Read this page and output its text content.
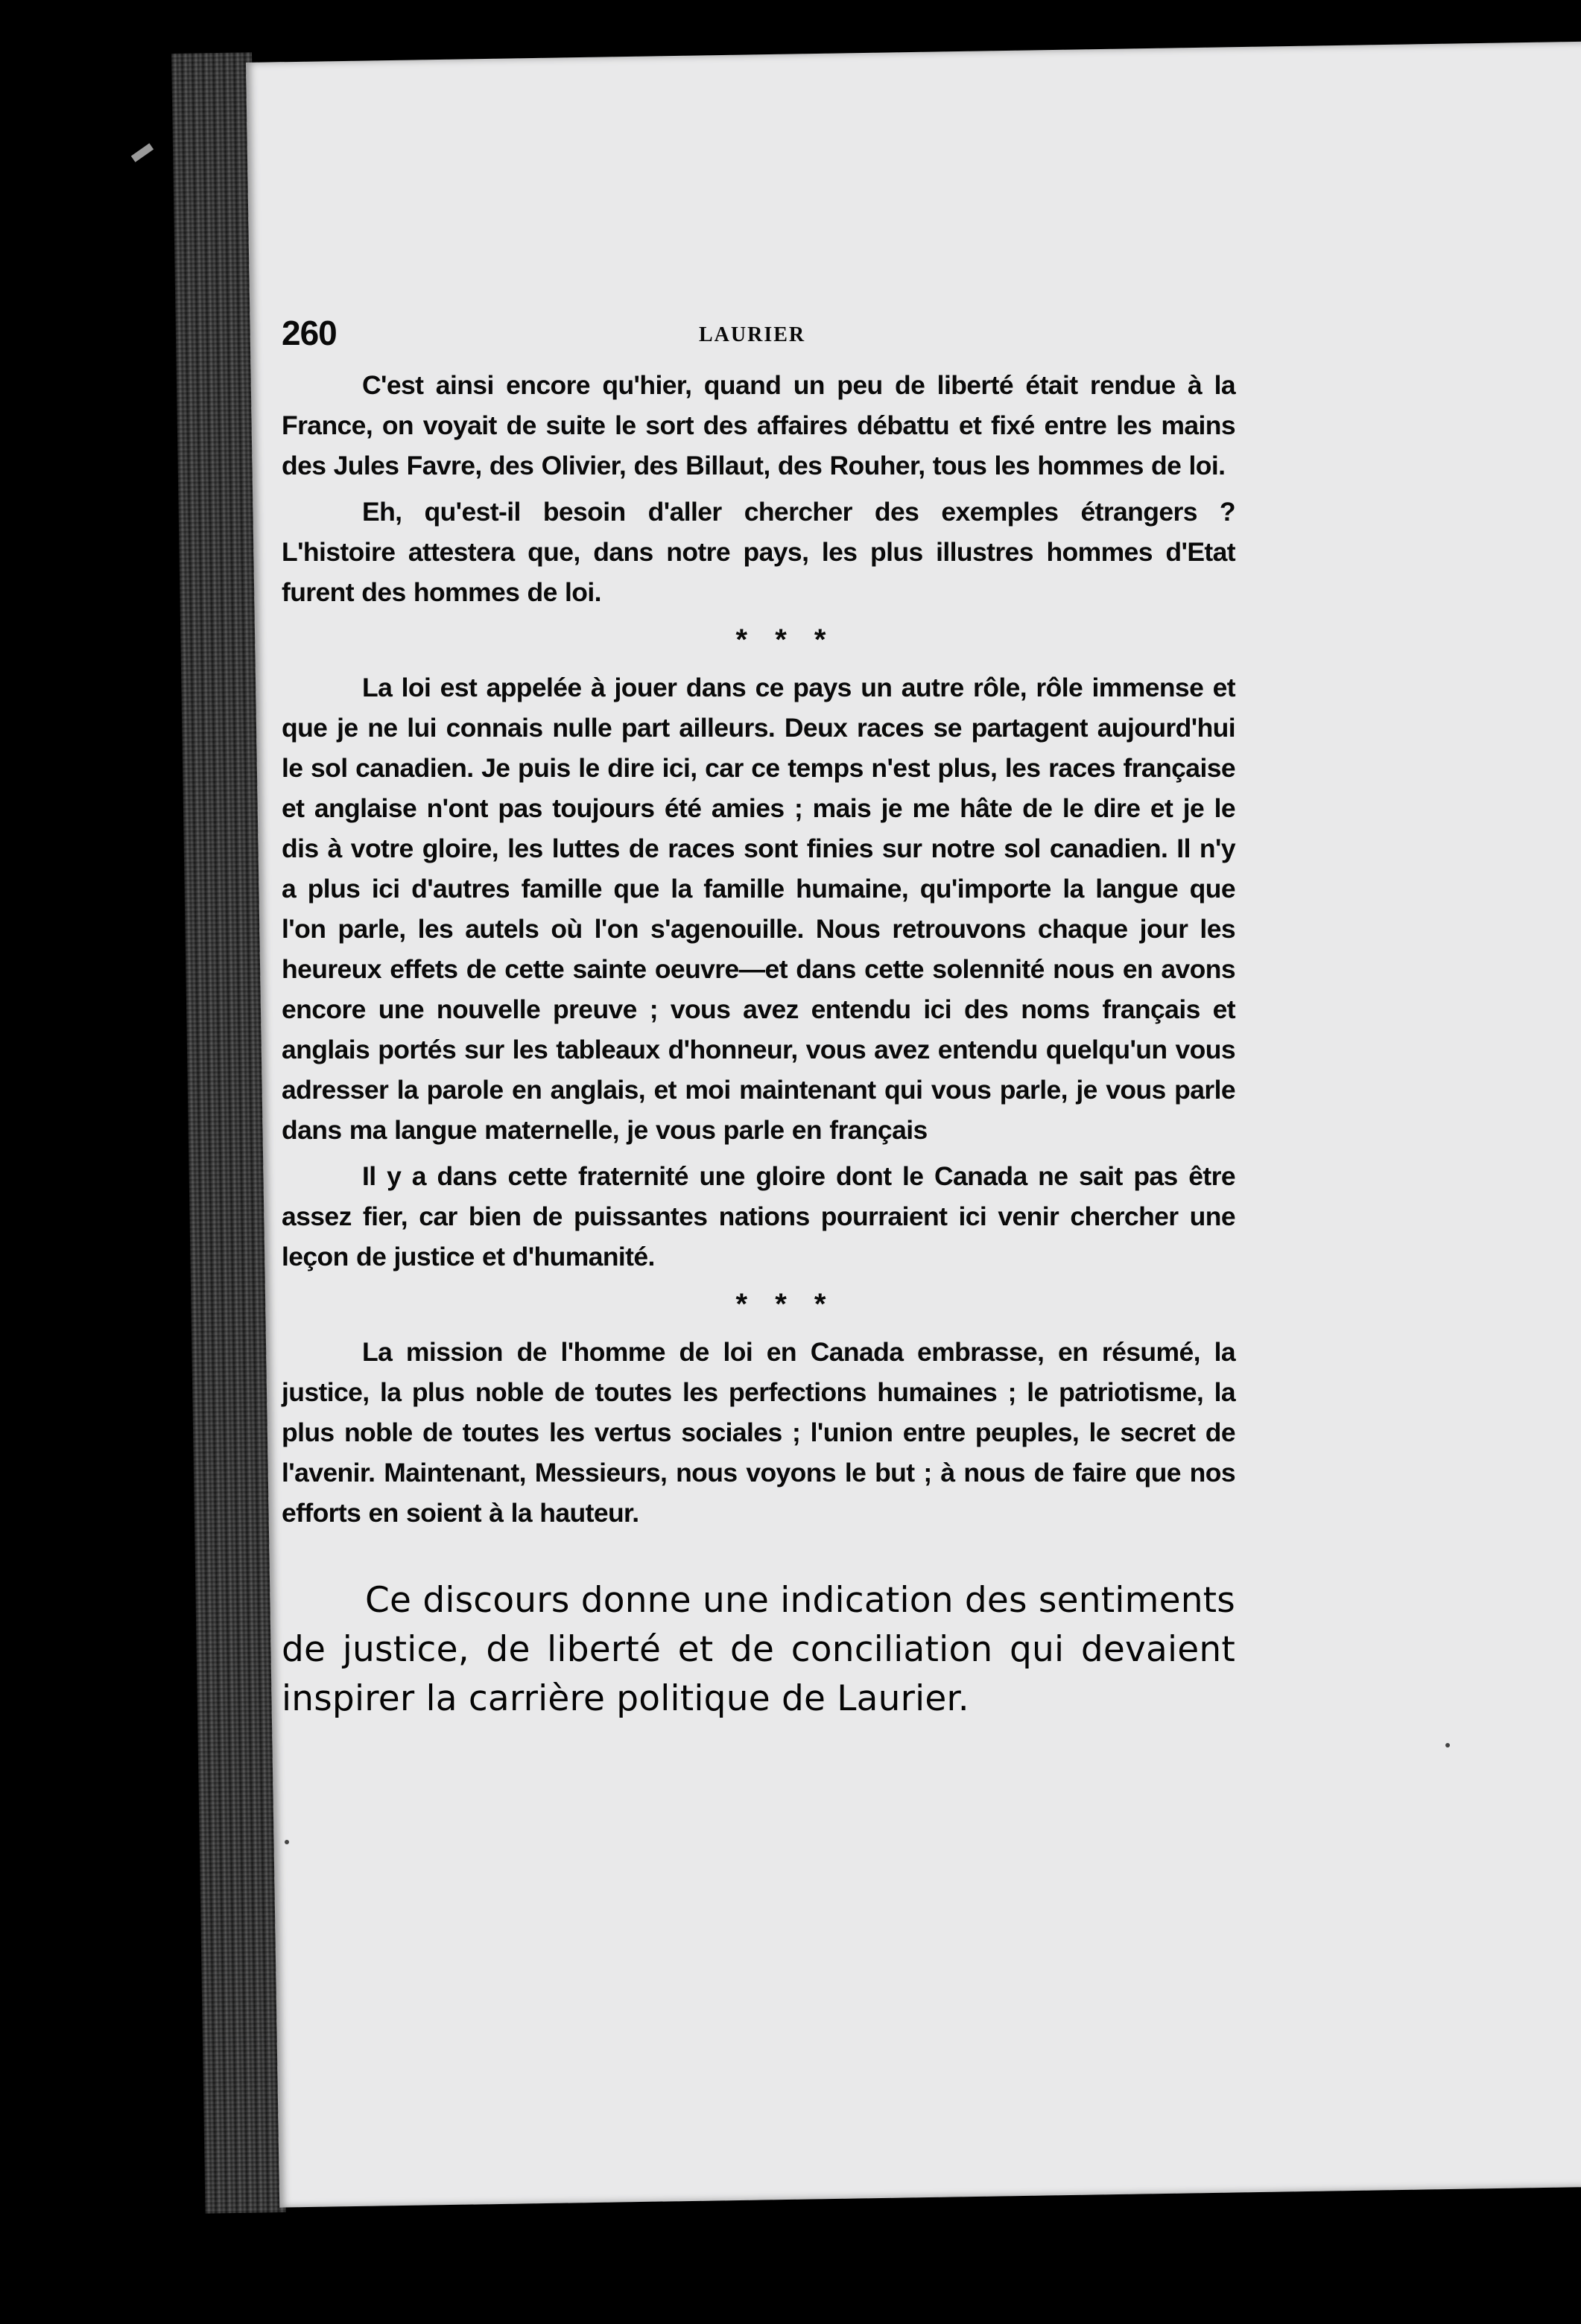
260	LAURIER

C'est ainsi encore qu'hier, quand un peu de liberté était rendue à la France, on voyait de suite le sort des affaires débattu et fixé entre les mains des Jules Favre, des Olivier, des Billaut, des Rouher, tous les hommes de loi.

Eh, qu'est-il besoin d'aller chercher des exemples étrangers ? L'histoire attestera que, dans notre pays, les plus illustres hommes d'Etat furent des hommes de loi.

* * *

La loi est appelée à jouer dans ce pays un autre rôle, rôle immense et que je ne lui connais nulle part ailleurs. Deux races se partagent aujourd'hui le sol canadien. Je puis le dire ici, car ce temps n'est plus, les races française et anglaise n'ont pas toujours été amies ; mais je me hâte de le dire et je le dis à votre gloire, les luttes de races sont finies sur notre sol canadien. Il n'y a plus ici d'autres famille que la famille humaine, qu'importe la langue que l'on parle, les autels où l'on s'agenouille. Nous retrouvons chaque jour les heureux effets de cette sainte oeuvre—et dans cette solennité nous en avons encore une nouvelle preuve ; vous avez entendu ici des noms français et anglais portés sur les tableaux d'honneur, vous avez entendu quelqu'un vous adresser la parole en anglais, et moi maintenant qui vous parle, je vous parle dans ma langue maternelle, je vous parle en français

Il y a dans cette fraternité une gloire dont le Canada ne sait pas être assez fier, car bien de puissantes nations pourraient ici venir chercher une leçon de justice et d'humanité.

* * *

La mission de l'homme de loi en Canada embrasse, en résumé, la justice, la plus noble de toutes les perfections humaines ; le patriotisme, la plus noble de toutes les vertus sociales ; l'union entre peuples, le secret de l'avenir. Maintenant, Messieurs, nous voyons le but ; à nous de faire que nos efforts en soient à la hauteur.

Ce discours donne une indication des sentiments de justice, de liberté et de conciliation qui devaient inspirer la carrière politique de Laurier.
